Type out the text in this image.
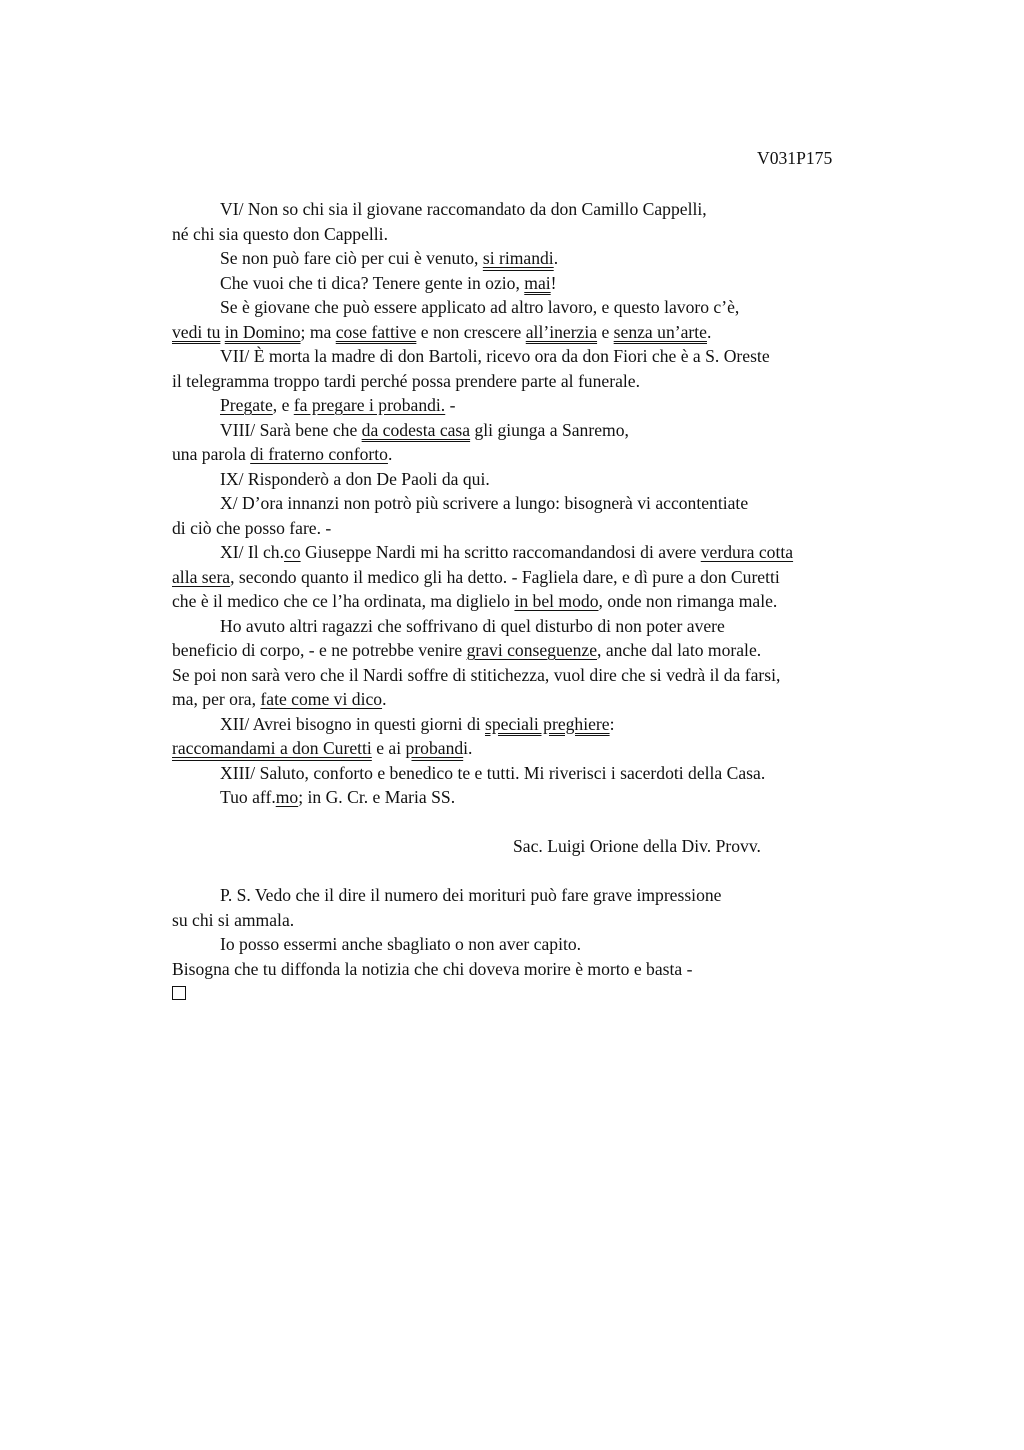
V031P175
VI/ Non so chi sia il giovane raccomandato da don Camillo Cappelli,
né chi sia questo don Cappelli.
Se non può fare ciò per cui è venuto, si rimandi.
Che vuoi che ti dica? Tenere gente in ozio, mai!
Se è giovane che può essere applicato ad altro lavoro, e questo lavoro c’è,
vedi tu in Domino; ma cose fattive e non crescere all’inerzia e senza un’arte.
VII/ È morta la madre di don Bartoli, ricevo ora da don Fiori che è a S. Oreste
il telegramma troppo tardi perché possa prendere parte al funerale.
Pregate, e fa pregare i probandi. -
VIII/ Sarà bene che da codesta casa gli giunga a Sanremo,
una parola di fraterno conforto.
IX/ Risponderò a don De Paoli da qui.
X/ D’ora innanzi non potrò più scrivere a lungo: bisognerà vi accontentiate
di ciò che posso fare. -
XI/ Il ch.co Giuseppe Nardi mi ha scritto raccomandandosi di avere verdura cotta
alla sera, secondo quanto il medico gli ha detto. - Fagliela dare, e dì pure a don Curetti
che è il medico che ce l’ha ordinata, ma diglielo in bel modo, onde non rimanga male.
Ho avuto altri ragazzi che soffrivano di quel disturbo di non poter avere
beneficio di corpo, - e ne potrebbe venire gravi conseguenze, anche dal lato morale.
Se poi non sarà vero che il Nardi soffre di stitichezza, vuol dire che si vedrà il da farsi,
ma, per ora, fate come vi dico.
XII/ Avrei bisogno in questi giorni di speciali preghiere:
raccomandami a don Curetti e ai probandi.
XIII/ Saluto, conforto e benedico te e tutti. Mi riverisci i sacerdoti della Casa.
Tuo aff.mo; in G. Cr. e Maria SS.
Sac. Luigi Orione della Div. Provv.
P. S. Vedo che il dire il numero dei morituri può fare grave impressione
su chi si ammala.
Io posso essermi anche sbagliato o non aver capito.
Bisogna che tu diffonda la notizia che chi doveva morire è morto e basta -
